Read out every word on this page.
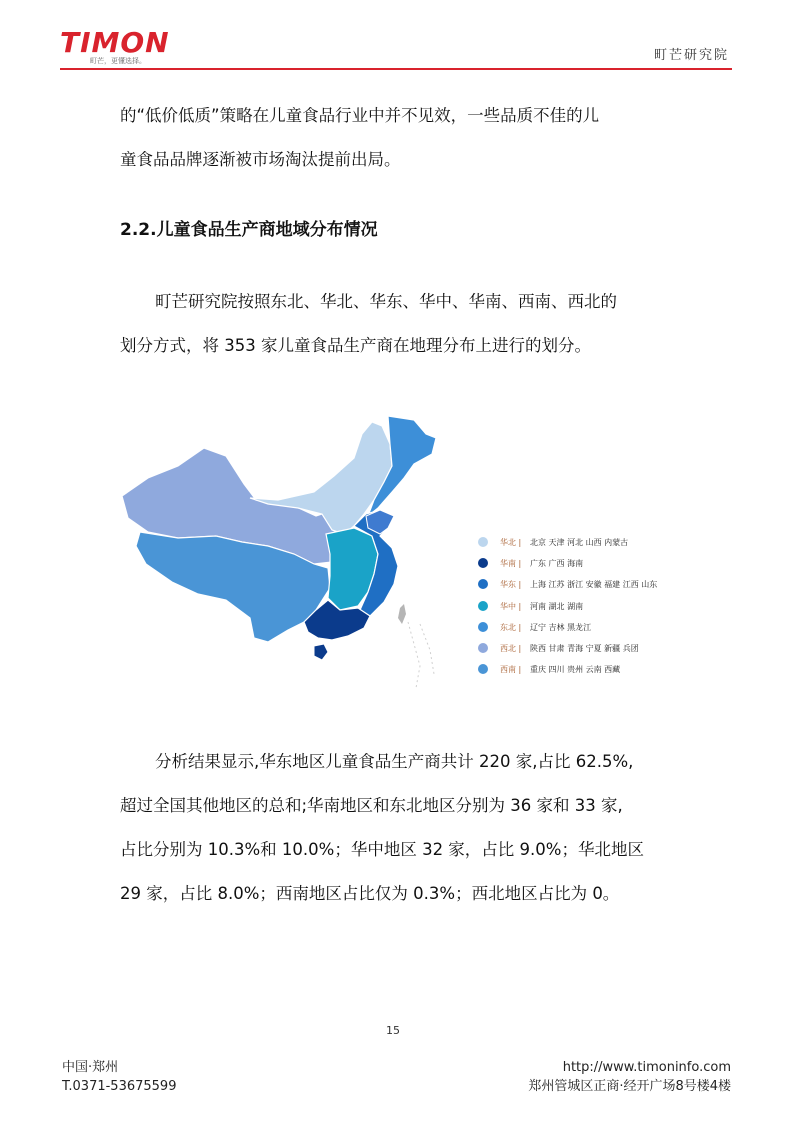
TIMON
町芒，更懂选择。	町芒研究院

的“低价低质”策略在儿童食品行业中并不见效，一些品质不佳的儿

童食品品牌逐渐被市场淘汰提前出局。

2.2.儿童食品生产商地域分布情况

町芒研究院按照东北、华北、华东、华中、华南、西南、西北的

划分方式，将 353 家儿童食品生产商在地理分布上进行的划分。

华北 | 北京 天津 河北 山西 内蒙古
华南 | 广东 广西 海南
华东 | 上海 江苏 浙江 安徽 福建 江西 山东
华中 | 河南 湖北 湖南
东北 | 辽宁 吉林 黑龙江
西北 | 陕西 甘肃 青海 宁夏 新疆 兵团
西南 | 重庆 四川 贵州 云南 西藏

分析结果显示,华东地区儿童食品生产商共计 220 家,占比 62.5%,

超过全国其他地区的总和;华南地区和东北地区分别为 36 家和 33 家,

占比分别为 10.3%和 10.0%；华中地区 32 家，占比 9.0%；华北地区

29 家，占比 8.0%；西南地区占比仅为 0.3%；西北地区占比为 0。

15
中国·郑州
T.0371-53675599
http://www.timoninfo.com
郑州管城区正商·经开广场8号楼4楼
